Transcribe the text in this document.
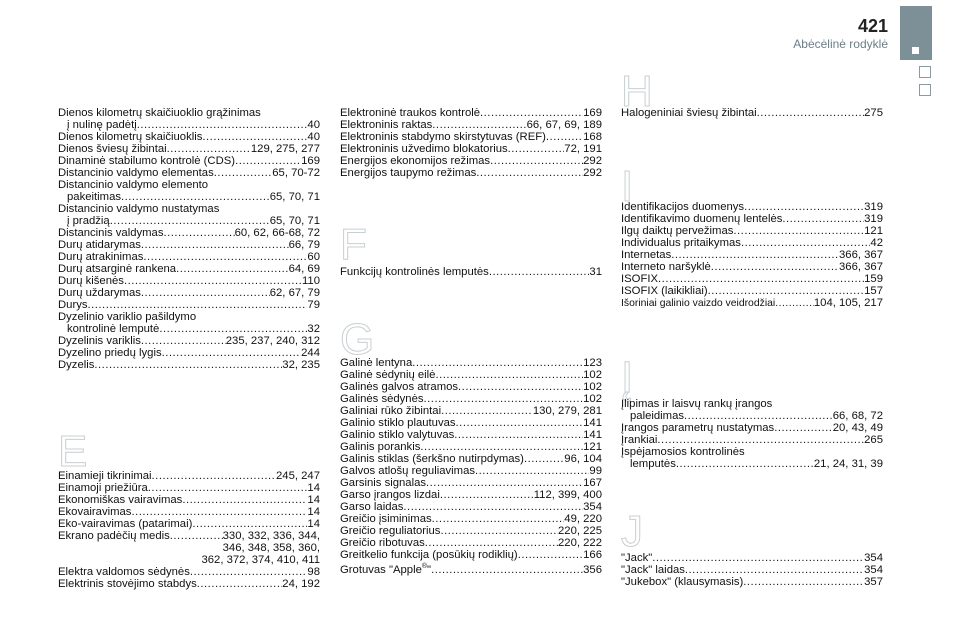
421
Abėcėlinė rodyklė
E
F
G
H
I
Į
J
Dienos kilometrų skaičiuoklio grąžinimas
į nulinę padėtį .....	40
Dienos kilometrų skaičiuoklis .....	40
Dienos šviesų žibintai .....	129, 275, 277
Dinaminė stabilumo kontrolė (CDS) .....	169
Distancinio valdymo elementas .....	65, 70-72
Distancinio valdymo elemento
pakeitimas .....	65, 70, 71
Distancinio valdymo nustatymas
į pradžią .....	65, 70, 71
Distancinis valdymas .....	60, 62, 66-68, 72
Durų atidarymas .....	66, 79
Durų atrakinimas .....	60
Durų atsarginė rankena .....	64, 69
Durų kišenės .....	110
Durų uždarymas .....	62, 67, 79
Durys .....	79
Dyzelinio variklio pašildymo
kontrolinė lemputė .....	32
Dyzelinis variklis .....	235, 237, 240, 312
Dyzelino priedų lygis .....	244
Dyzelis .....	32, 235
Einamieji tikrinimai .....	245, 247
Einamoji priežiūra .....	14
Ekonomiškas vairavimas .....	14
Ekovairavimas .....	14
Eko-vairavimas (patarimai) .....	14
Ekrano padėčių medis .....	330, 332, 336, 344,
346, 348, 358, 360,
362, 372, 374, 410, 411
Elektra valdomos sėdynės .....	98
Elektrinis stovėjimo stabdys .....	24, 192
Elektroninė traukos kontrolė .....	169
Elektroninis raktas .....	66, 67, 69, 189
Elektroninis stabdymo skirstytuvas (REF) .....	168
Elektroninis užvedimo blokatorius .....	72, 191
Energijos ekonomijos režimas .....	292
Energijos taupymo režimas .....	292
Funkcijų kontrolinės lemputės .....	31
Galinė lentyna .....	123
Galinė sėdynių eilė .....	102
Galinės galvos atramos .....	102
Galinės sėdynės .....	102
Galiniai rūko žibintai .....	130, 279, 281
Galinio stiklo plautuvas .....	141
Galinio stiklo valytuvas .....	141
Galinis porankis .....	121
Galinis stiklas (šerkšno nutirpdymas) .....	96, 104
Galvos atlošų reguliavimas .....	99
Garsinis signalas .....	167
Garso įrangos lizdai .....	112, 399, 400
Garso laidas .....	354
Greičio įsiminimas .....	49, 220
Greičio reguliatorius .....	220, 225
Greičio ribotuvas .....	220, 222
Greitkelio funkcija (posūkių rodiklių) .....	166
Grotuvas "Apple®" .....	356
Halogeniniai šviesų žibintai .....	275
Identifikacijos duomenys .....	319
Identifikavimo duomenų lentelės .....	319
Ilgų daiktų pervežimas .....	121
Individualus pritaikymas .....	42
Internetas .....	366, 367
Interneto naršyklė .....	366, 367
ISOFIX .....	159
ISOFIX (laikikliai) .....	157
Išoriniai galinio vaizdo veidrodžiai .....	104, 105, 217
Įlipimas ir laisvų rankų įrangos
paleidimas .....	66, 68, 72
Įrangos parametrų nustatymas .....	20, 43, 49
Įrankiai .....	265
Įspėjamosios kontrolinės
lemputės .....	21, 24, 31, 39
"Jack" .....	354
"Jack" laidas .....	354
"Jukebox" (klausymasis) .....	357
